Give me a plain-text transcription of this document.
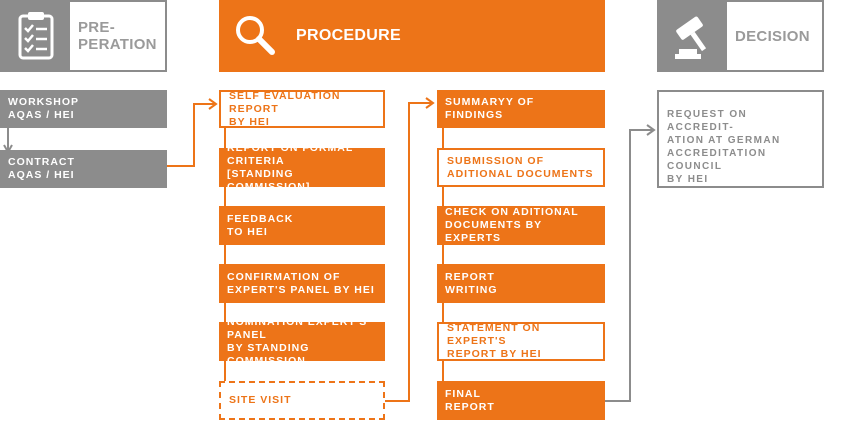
PRE-
PERATION
PROCEDURE	DECISION
WORKSHOP
AQAS / HEI
CONTRACT
AQAS / HEI
SELF EVALUATION REPORT
BY HEI
REPORT ON FORMAL CRITERIA
[STANDING COMMISSION]
FEEDBACK
TO HEI
CONFIRMATION OF
EXPERT'S PANEL BY HEI
NOMINATION EXPERT'S PANEL
BY STANDING COMMISSION
SITE VISIT
SUMMARYY OF
FINDINGS
SUBMISSION OF
ADITIONAL DOCUMENTS
CHECK ON ADITIONAL
DOCUMENTS BY EXPERTS
REPORT
WRITING
STATEMENT ON EXPERT'S
REPORT BY HEI
FINAL
REPORT
REQUEST ON ACCREDIT-
ATION AT GERMAN
ACCREDITATION COUNCIL
BY HEI
